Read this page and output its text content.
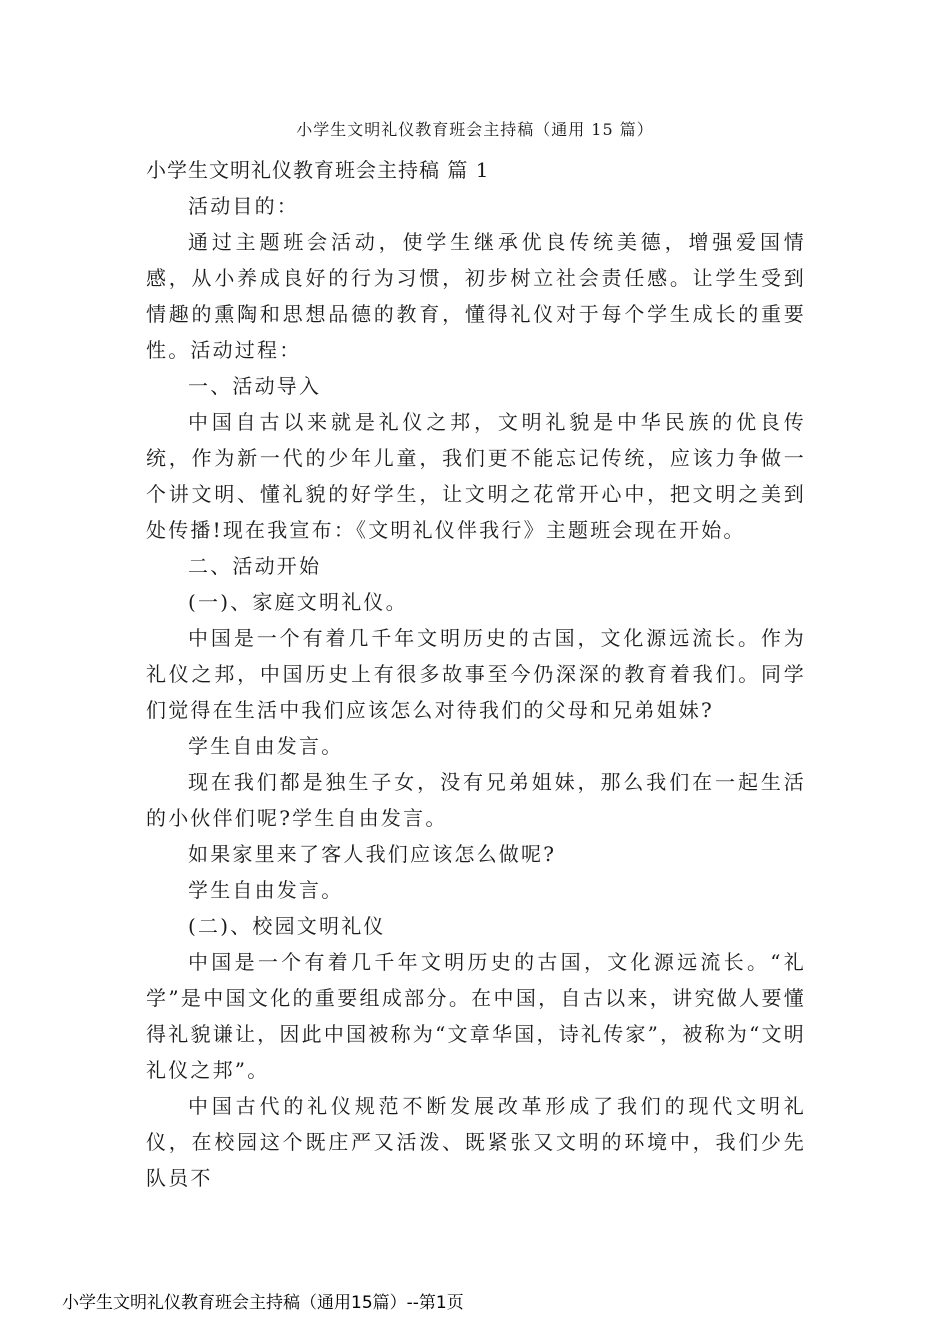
小学生文明礼仪教育班会主持稿（通用 15 篇）

小学生文明礼仪教育班会主持稿 篇 1

活动目的：

通过主题班会活动，使学生继承优良传统美德，增强爱国情感，从小养成良好的行为习惯，初步树立社会责任感。让学生受到情趣的熏陶和思想品德的教育，懂得礼仪对于每个学生成长的重要性。活动过程：

一、活动导入

中国自古以来就是礼仪之邦，文明礼貌是中华民族的优良传统，作为新一代的少年儿童，我们更不能忘记传统，应该力争做一个讲文明、懂礼貌的好学生，让文明之花常开心中，把文明之美到处传播!现在我宣布：《文明礼仪伴我行》主题班会现在开始。

二、活动开始

(一)、家庭文明礼仪。

中国是一个有着几千年文明历史的古国，文化源远流长。作为礼仪之邦，中国历史上有很多故事至今仍深深的教育着我们。同学们觉得在生活中我们应该怎么对待我们的父母和兄弟姐妹?

学生自由发言。

现在我们都是独生子女，没有兄弟姐妹，那么我们在一起生活的小伙伴们呢?学生自由发言。

如果家里来了客人我们应该怎么做呢?

学生自由发言。

(二)、校园文明礼仪

中国是一个有着几千年文明历史的古国，文化源远流长。“礼学”是中国文化的重要组成部分。在中国，自古以来，讲究做人要懂得礼貌谦让，因此中国被称为“文章华国，诗礼传家”，被称为“文明礼仪之邦”。

中国古代的礼仪规范不断发展改革形成了我们的现代文明礼仪，在校园这个既庄严又活泼、既紧张又文明的环境中，我们少先队员不

小学生文明礼仪教育班会主持稿（通用15篇）--第1页
